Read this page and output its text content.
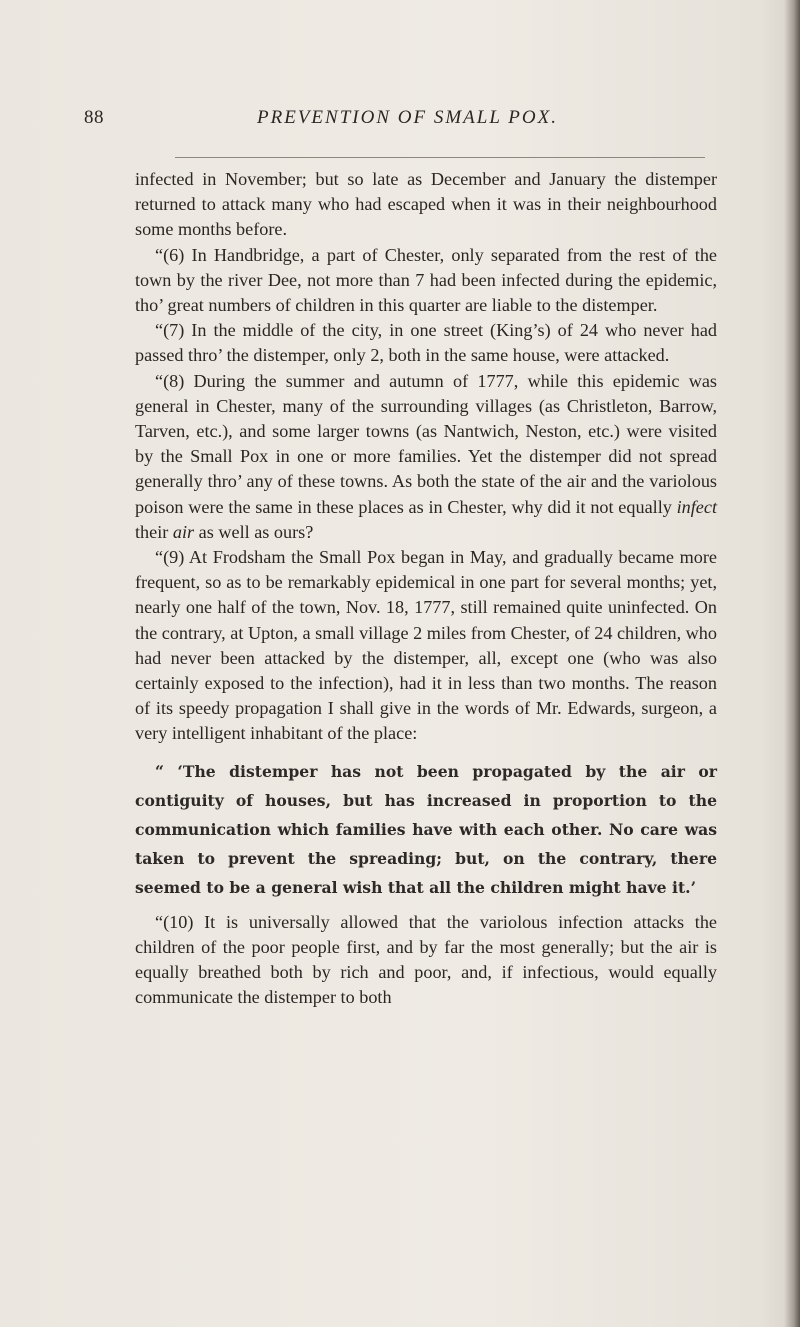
88	PREVENTION OF SMALL POX.

infected in November; but so late as December and January the distemper returned to attack many who had escaped when it was in their neighbourhood some months before.

“(6) In Handbridge, a part of Chester, only separated from the rest of the town by the river Dee, not more than 7 had been infected during the epidemic, tho’ great numbers of children in this quarter are liable to the distemper.

“(7) In the middle of the city, in one street (King’s) of 24 who never had passed thro’ the distemper, only 2, both in the same house, were attacked.

“(8) During the summer and autumn of 1777, while this epidemic was general in Chester, many of the surrounding villages (as Christleton, Barrow, Tarven, etc.), and some larger towns (as Nantwich, Neston, etc.) were visited by the Small Pox in one or more families. Yet the distemper did not spread generally thro’ any of these towns. As both the state of the air and the variolous poison were the same in these places as in Chester, why did it not equally infect their air as well as ours?

“(9) At Frodsham the Small Pox began in May, and gradually became more frequent, so as to be remarkably epidemical in one part for several months; yet, nearly one half of the town, Nov. 18, 1777, still remained quite uninfected. On the contrary, at Upton, a small village 2 miles from Chester, of 24 children, who had never been attacked by the distemper, all, except one (who was also certainly exposed to the infection), had it in less than two months. The reason of its speedy propagation I shall give in the words of Mr. Edwards, surgeon, a very intelligent inhabitant of the place:

“ ‘The distemper has not been propagated by the air or contiguity of houses, but has increased in proportion to the communication which families have with each other. No care was taken to prevent the spreading; but, on the contrary, there seemed to be a general wish that all the children might have it.’

“(10) It is universally allowed that the variolous infection attacks the children of the poor people first, and by far the most generally; but the air is equally breathed both by rich and poor, and, if infectious, would equally communicate the distemper to both
